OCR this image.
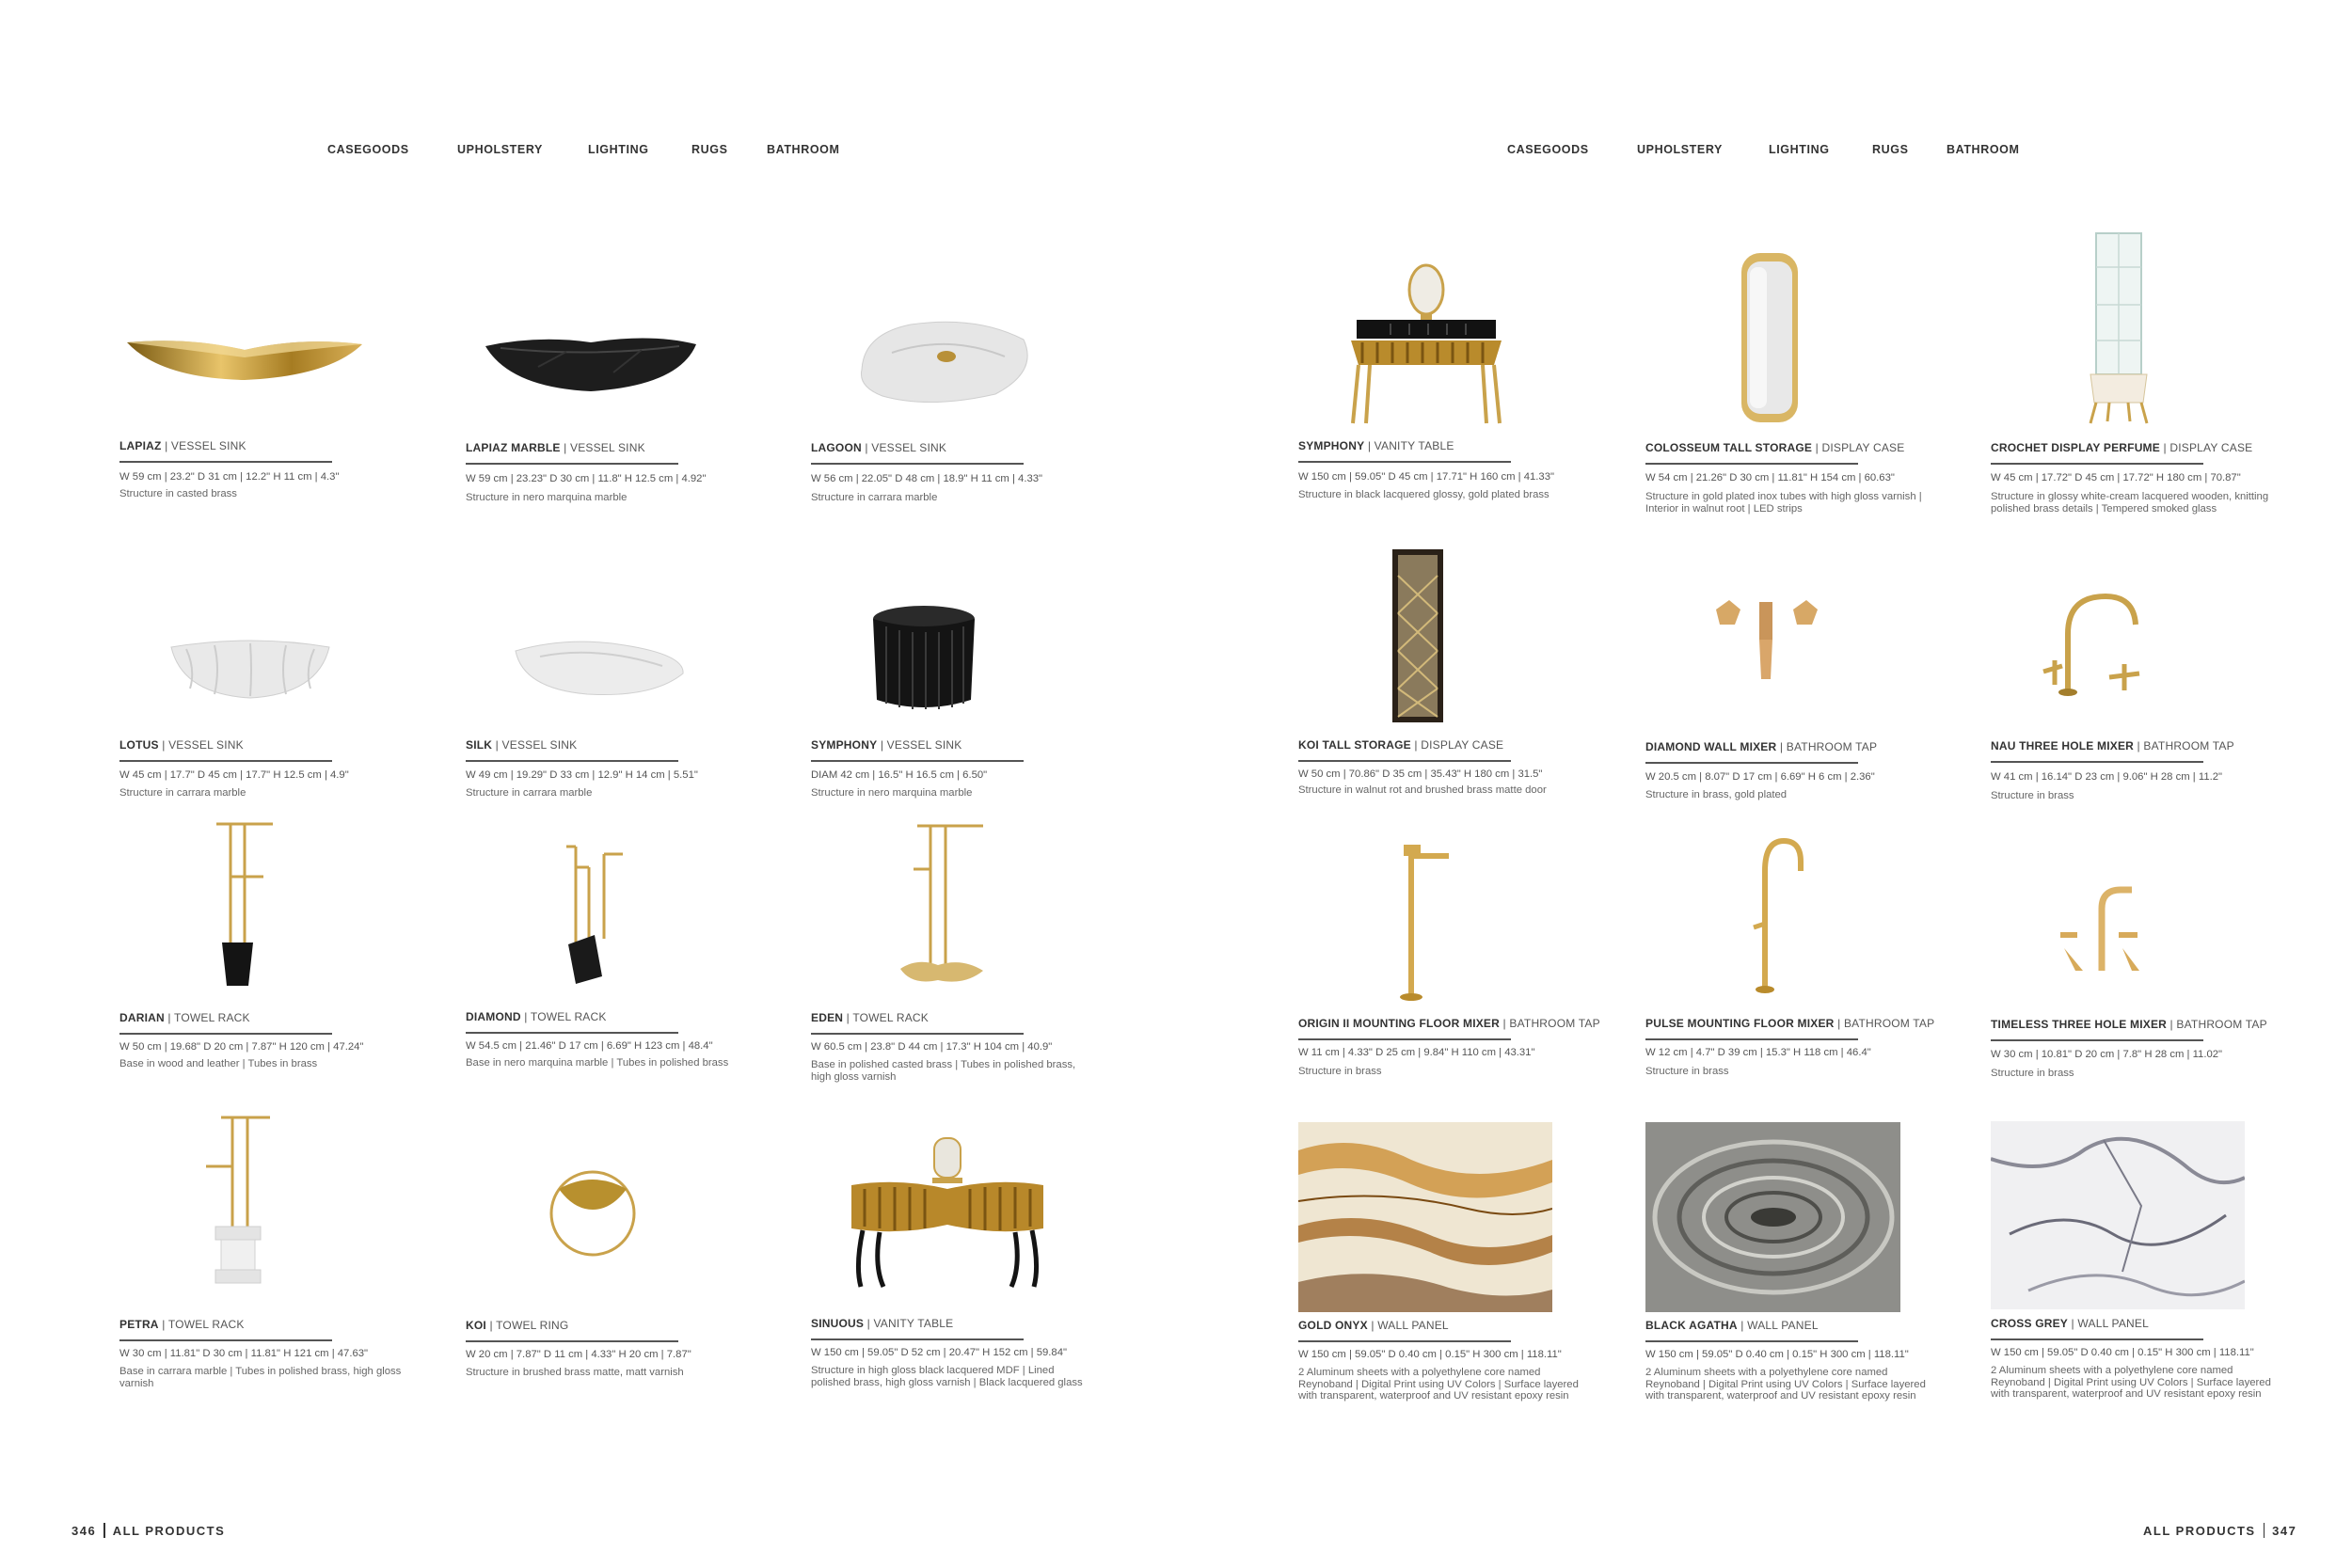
CASEGOODS	UPHOLSTERY	LIGHTING	RUGS	BATHROOM	CASEGOODS	UPHOLSTERY	LIGHTING	RUGS	BATHROOM
LAPIAZ | VESSEL SINK
W 59 cm | 23.2" D 31 cm | 12.2" H 11 cm | 4.3"
Structure in casted brass
LAPIAZ MARBLE | VESSEL SINK
W 59 cm | 23.23" D 30 cm | 11.8" H 12.5 cm | 4.92"
Structure in nero marquina marble
LAGOON | VESSEL SINK
W 56 cm | 22.05" D 48 cm | 18.9" H 11 cm | 4.33"
Structure in carrara marble
LOTUS | VESSEL SINK
W 45 cm | 17.7" D 45 cm | 17.7" H 12.5 cm | 4.9"
Structure in carrara marble
SILK | VESSEL SINK
W 49 cm | 19.29" D 33 cm | 12.9" H 14 cm | 5.51"
Structure in carrara marble
SYMPHONY | VESSEL SINK
DIAM 42 cm | 16.5" H 16.5 cm | 6.50"
Structure in nero marquina marble
DARIAN | TOWEL RACK
W 50 cm | 19.68" D 20 cm | 7.87" H 120 cm | 47.24"
Base in wood and leather | Tubes in brass
DIAMOND | TOWEL RACK
W 54.5 cm | 21.46" D 17 cm | 6.69" H 123 cm | 48.4"
Base in nero marquina marble | Tubes in polished brass
EDEN | TOWEL RACK
W 60.5 cm | 23.8" D 44 cm | 17.3" H 104 cm | 40.9"
Base in polished casted brass | Tubes in polished brass, high gloss varnish
PETRA | TOWEL RACK
W 30 cm | 11.81" D 30 cm | 11.81" H 121 cm | 47.63"
Base in carrara marble | Tubes in polished brass, high gloss varnish
KOI | TOWEL RING
W 20 cm | 7.87" D 11 cm | 4.33" H 20 cm | 7.87"
Structure in brushed brass matte, matt varnish
SINUOUS | VANITY TABLE
W 150 cm | 59.05" D 52 cm | 20.47" H 152 cm | 59.84"
Structure in high gloss black lacquered MDF | Lined polished brass, high gloss varnish | Black lacquered glass
SYMPHONY | VANITY TABLE
W 150 cm | 59.05" D 45 cm | 17.71" H 160 cm | 41.33"
Structure in black lacquered glossy, gold plated brass
COLOSSEUM TALL STORAGE | DISPLAY CASE
W 54 cm | 21.26" D 30 cm | 11.81" H 154 cm | 60.63"
Structure in gold plated inox tubes with high gloss varnish | Interior in walnut root | LED strips
CROCHET DISPLAY PERFUME | DISPLAY CASE
W 45 cm | 17.72" D 45 cm | 17.72" H 180 cm | 70.87"
Structure in glossy white-cream lacquered wooden, knitting polished brass details | Tempered smoked glass
KOI TALL STORAGE | DISPLAY CASE
W 50 cm | 70.86" D 35 cm | 35.43" H 180 cm | 31.5"
Structure in walnut rot and brushed brass matte door
DIAMOND WALL MIXER | BATHROOM TAP
W 20.5 cm | 8.07" D 17 cm | 6.69" H 6 cm | 2.36"
Structure in brass, gold plated
NAU THREE HOLE MIXER | BATHROOM TAP
W 41 cm | 16.14" D 23 cm | 9.06" H 28 cm | 11.2"
Structure in brass
ORIGIN II MOUNTING FLOOR MIXER | BATHROOM TAP
W 11 cm | 4.33" D 25 cm | 9.84" H 110 cm | 43.31"
Structure in brass
PULSE MOUNTING FLOOR MIXER | BATHROOM TAP
W 12 cm | 4.7" D 39 cm | 15.3" H 118 cm | 46.4"
Structure in brass
TIMELESS THREE HOLE MIXER | BATHROOM TAP
W 30 cm | 10.81" D 20 cm | 7.8" H 28 cm | 11.02"
Structure in brass
GOLD ONYX | WALL PANEL
W 150 cm | 59.05" D 0.40 cm | 0.15" H 300 cm | 118.11"
2 Aluminum sheets with a polyethylene core named Reynoband | Digital Print using UV Colors | Surface layered with transparent, waterproof and UV resistant epoxy resin
BLACK AGATHA | WALL PANEL
W 150 cm | 59.05" D 0.40 cm | 0.15" H 300 cm | 118.11"
2 Aluminum sheets with a polyethylene core named Reynoband | Digital Print using UV Colors | Surface layered with transparent, waterproof and UV resistant epoxy resin
CROSS GREY | WALL PANEL
W 150 cm | 59.05" D 0.40 cm | 0.15" H 300 cm | 118.11"
2 Aluminum sheets with a polyethylene core named Reynoband | Digital Print using UV Colors | Surface layered with transparent, waterproof and UV resistant epoxy resin
346 ALL PRODUCTS	ALL PRODUCTS 347
